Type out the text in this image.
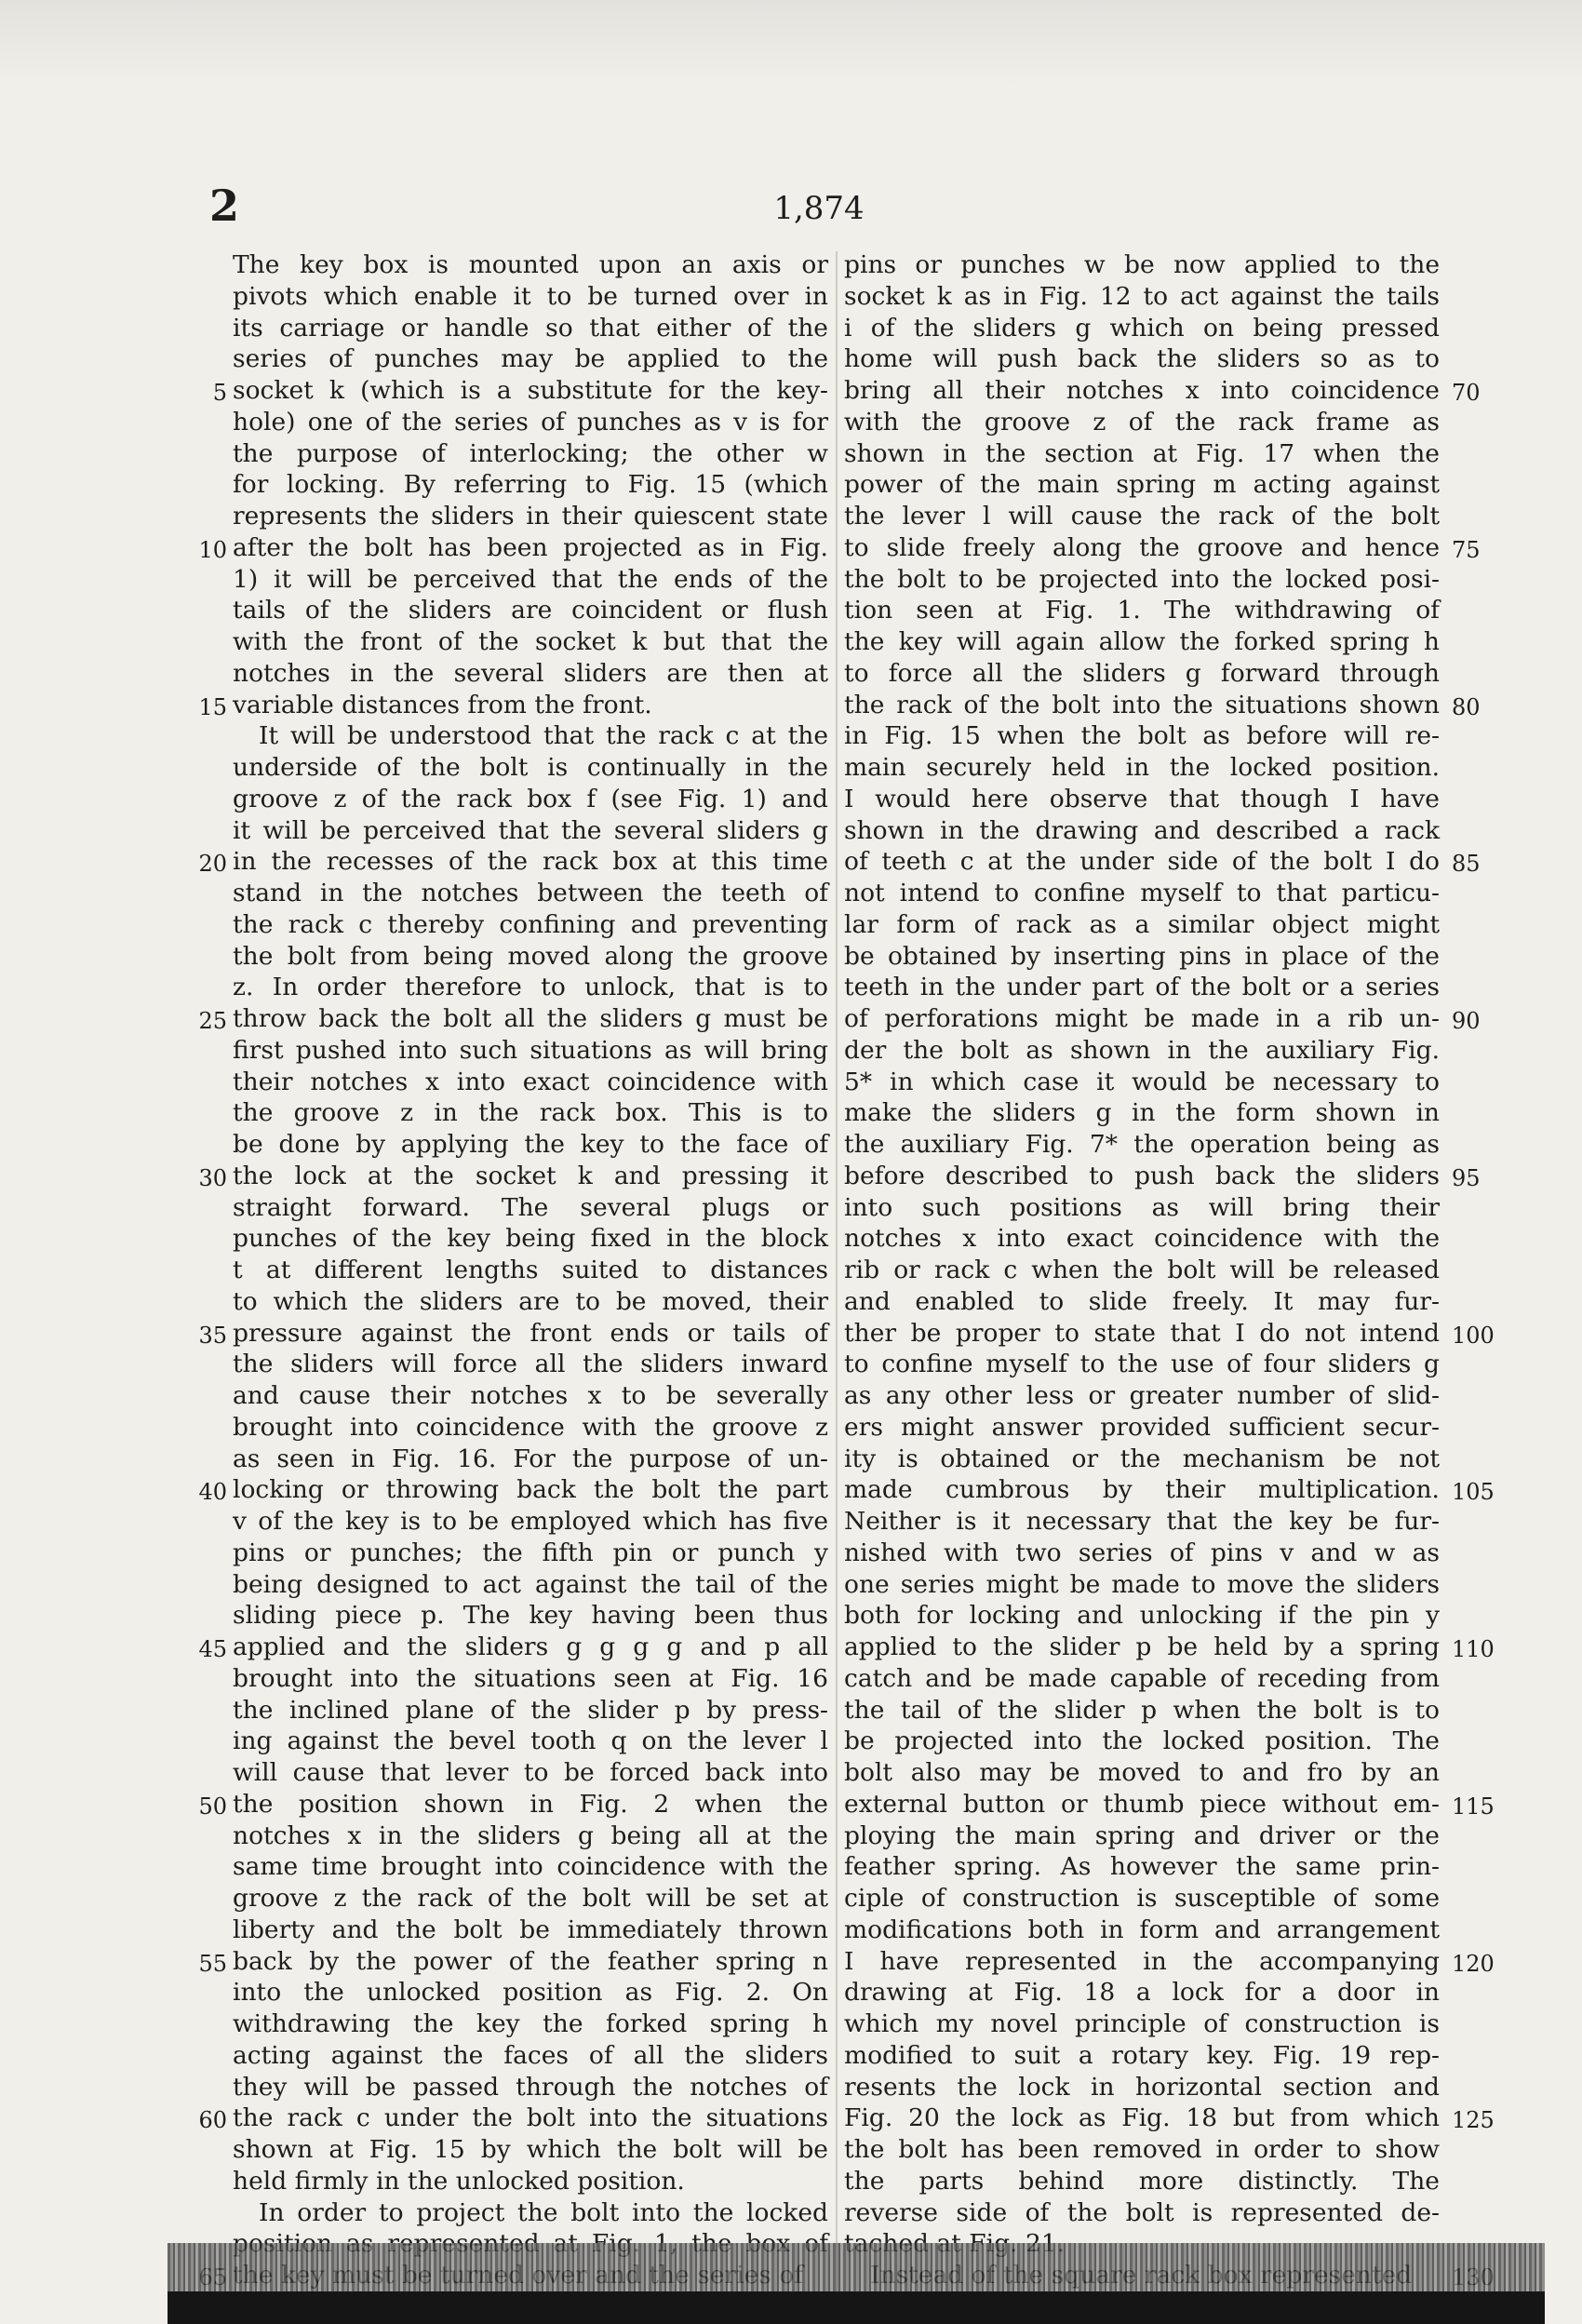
2	1,874
The key box is mounted upon an axis or
pivots which enable it to be turned over in
its carriage or handle so that either of the
series of punches may be applied to the
socket k (which is a substitute for the key-
hole) one of the series of punches as v is for
the purpose of interlocking; the other w
for locking. By referring to Fig. 15 (which
represents the sliders in their quiescent state
after the bolt has been projected as in Fig.
1) it will be perceived that the ends of the
tails of the sliders are coincident or flush
with the front of the socket k but that the
notches in the several sliders are then at
variable distances from the front.
It will be understood that the rack c at the
underside of the bolt is continually in the
groove z of the rack box f (see Fig. 1) and
it will be perceived that the several sliders g
in the recesses of the rack box at this time
stand in the notches between the teeth of
the rack c thereby confining and preventing
the bolt from being moved along the groove
z. In order therefore to unlock, that is to
throw back the bolt all the sliders g must be
first pushed into such situations as will bring
their notches x into exact coincidence with
the groove z in the rack box. This is to
be done by applying the key to the face of
the lock at the socket k and pressing it
straight forward. The several plugs or
punches of the key being fixed in the block
t at different lengths suited to distances
to which the sliders are to be moved, their
pressure against the front ends or tails of
the sliders will force all the sliders inward
and cause their notches x to be severally
brought into coincidence with the groove z
as seen in Fig. 16. For the purpose of un-
locking or throwing back the bolt the part
v of the key is to be employed which has five
pins or punches; the fifth pin or punch y
being designed to act against the tail of the
sliding piece p. The key having been thus
applied and the sliders g g g g and p all
brought into the situations seen at Fig. 16
the inclined plane of the slider p by press-
ing against the bevel tooth q on the lever l
will cause that lever to be forced back into
the position shown in Fig. 2 when the
notches x in the sliders g being all at the
same time brought into coincidence with the
groove z the rack of the bolt will be set at
liberty and the bolt be immediately thrown
back by the power of the feather spring n
into the unlocked position as Fig. 2. On
withdrawing the key the forked spring h
acting against the faces of all the sliders
they will be passed through the notches of
the rack c under the bolt into the situations
shown at Fig. 15 by which the bolt will be
held firmly in the unlocked position.
In order to project the bolt into the locked
pins or punches w be now applied to the
socket k as in Fig. 12 to act against the tails
i of the sliders g which on being pressed
home will push back the sliders so as to
bring all their notches x into coincidence
with the groove z of the rack frame as
shown in the section at Fig. 17 when the
power of the main spring m acting against
the lever l will cause the rack of the bolt
to slide freely along the groove and hence
the bolt to be projected into the locked posi-
tion seen at Fig. 1. The withdrawing of
the key will again allow the forked spring h
to force all the sliders g forward through
the rack of the bolt into the situations shown
in Fig. 15 when the bolt as before will re-
main securely held in the locked position.
I would here observe that though I have
shown in the drawing and described a rack
of teeth c at the under side of the bolt I do
not intend to confine myself to that particu-
lar form of rack as a similar object might
be obtained by inserting pins in place of the
teeth in the under part of the bolt or a series
of perforations might be made in a rib un-
der the bolt as shown in the auxiliary Fig.
5* in which case it would be necessary to
make the sliders g in the form shown in
the auxiliary Fig. 7* the operation being as
before described to push back the sliders
into such positions as will bring their
notches x into exact coincidence with the
rib or rack c when the bolt will be released
and enabled to slide freely. It may fur-
ther be proper to state that I do not intend
to confine myself to the use of four sliders g
as any other less or greater number of slid-
ers might answer provided sufficient secur-
ity is obtained or the mechanism be not
made cumbrous by their multiplication.
Neither is it necessary that the key be fur-
nished with two series of pins v and w as
one series might be made to move the sliders
both for locking and unlocking if the pin y
applied to the slider p be held by a spring
catch and be made capable of receding from
the tail of the slider p when the bolt is to
be projected into the locked position. The
bolt also may be moved to and fro by an
external button or thumb piece without em-
ploying the main spring and driver or the
feather spring. As however the same prin-
ciple of construction is susceptible of some
modifications both in form and arrangement
I have represented in the accompanying
drawing at Fig. 18 a lock for a door in
which my novel principle of construction is
modified to suit a rotary key. Fig. 19 rep-
resents the lock in horizontal section and
Fig. 20 the lock as Fig. 18 but from which
the bolt has been removed in order to show
the parts behind more distinctly. The
reverse side of the bolt is represented de-
5
10
15
20
25
30
35
40
45
50
55
60
70
75
80
85
90
95
100
105
110
115
120
125
